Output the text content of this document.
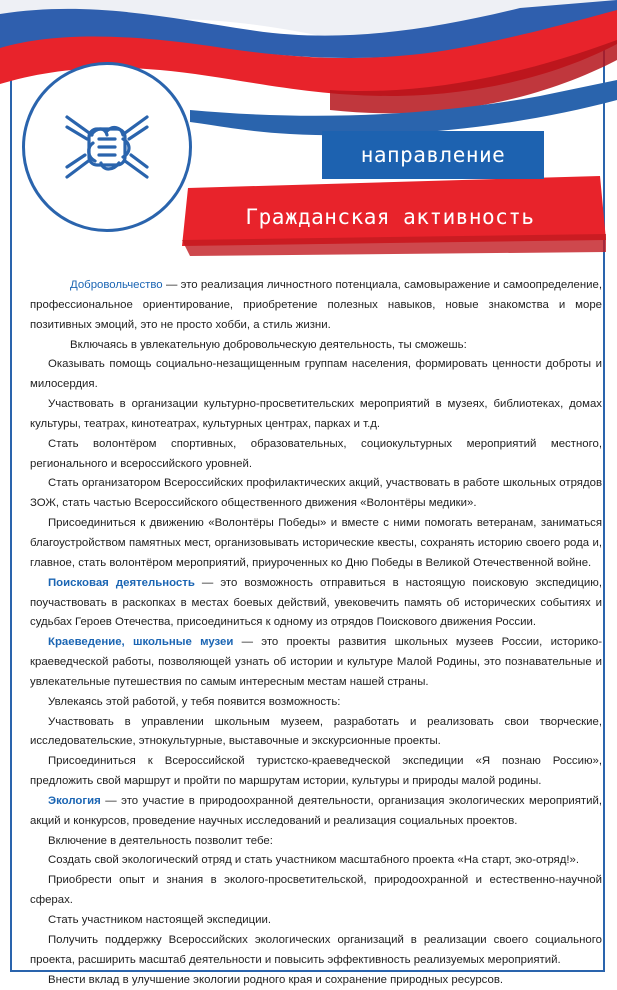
направление
Гражданская активность

Добровольчество — это реализация личностного потенциала, самовыражение и самоопределение, профессиональное ориентирование, приобретение полезных навыков, новые знакомства и море позитивных эмоций, это не просто хобби, а стиль жизни.

Включаясь в увлекательную добровольческую деятельность, ты сможешь:

Оказывать помощь социально-незащищенным группам населения, формировать ценности доброты и милосердия.

Участвовать в организации культурно-просветительских мероприятий в музеях, библиотеках, домах культуры, театрах, кинотеатрах, культурных центрах, парках и т.д.

Стать волонтёром спортивных, образовательных, социокультурных мероприятий местного, регионального и всероссийского уровней.

Стать организатором Всероссийских профилактических акций, участвовать в работе школьных отрядов ЗОЖ, стать частью Всероссийского общественного движения «Волонтёры медики».

Присоединиться к движению «Волонтёры Победы» и вместе с ними помогать ветеранам, заниматься благоустройством памятных мест, организовывать исторические квесты, сохранять историю своего рода и, главное, стать волонтёром мероприятий, приуроченных ко Дню Победы в Великой Отечественной войне.

Поисковая деятельность — это возможность отправиться в настоящую поисковую экспедицию, поучаствовать в раскопках в местах боевых действий, увековечить память об исторических событиях и судьбах Героев Отечества, присоединиться к одному из отрядов Поискового движения России.

Краеведение, школьные музеи — это проекты развития школьных музеев России, историко-краеведческой работы, позволяющей узнать об истории и культуре Малой Родины, это познавательные и увлекательные путешествия по самым интересным местам нашей страны.

Увлекаясь этой работой, у тебя появится возможность:

Участвовать в управлении школьным музеем, разработать и реализовать свои творческие, исследовательские, этнокультурные, выставочные и экскурсионные проекты.

Присоединиться к Всероссийской туристско-краеведческой экспедиции «Я познаю Россию», предложить свой маршрут и пройти по маршрутам истории, культуры и природы малой родины.

Экология — это участие в природоохранной деятельности, организация экологических мероприятий, акций и конкурсов, проведение научных исследований и реализация социальных проектов.

Включение в деятельность позволит тебе:

Создать свой экологический отряд и стать участником масштабного проекта «На старт, эко-отряд!».

Приобрести опыт и знания в эколого-просветительской, природоохранной и естественно-научной сферах.

Стать участником настоящей экспедиции.

Получить поддержку Всероссийских экологических организаций в реализации своего социального проекта, расширить масштаб деятельности и повысить эффективность реализуемых мероприятий.

Внести вклад в улучшение экологии родного края и сохранение природных ресурсов.
